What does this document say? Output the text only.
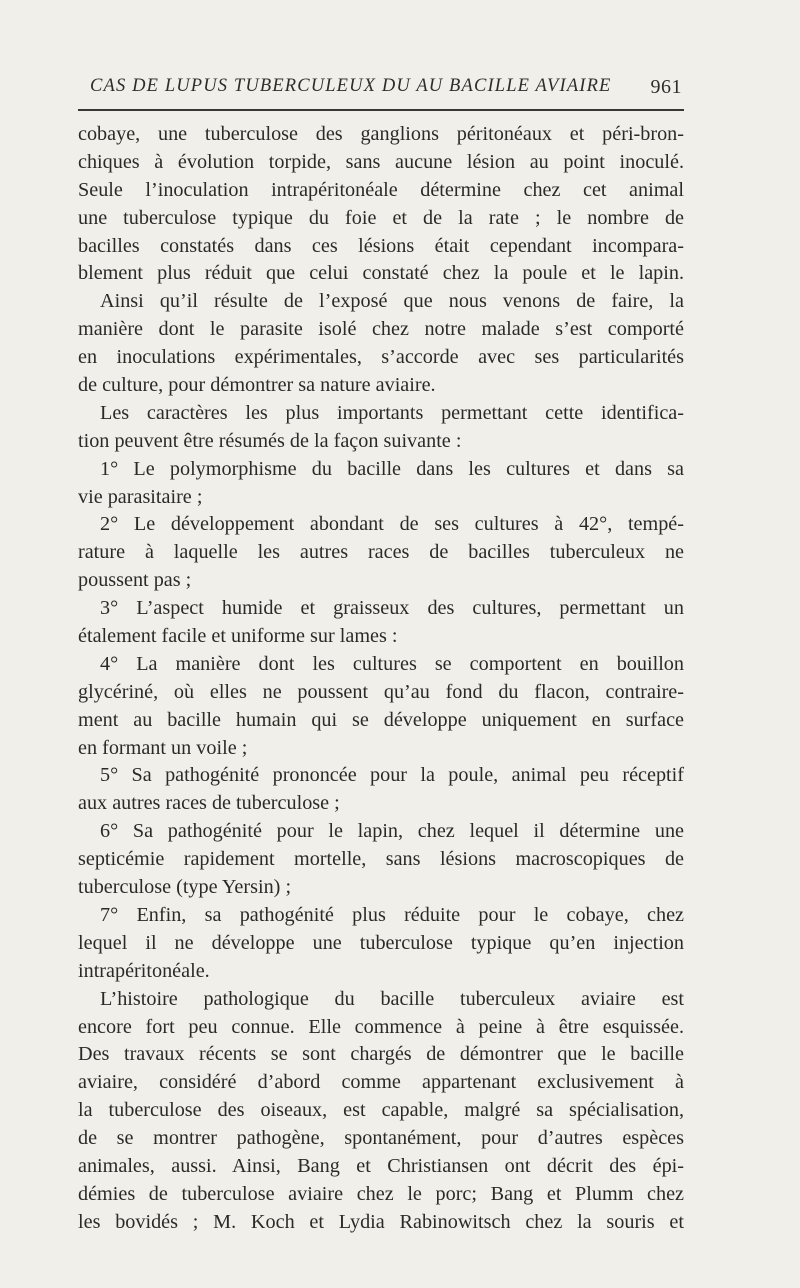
CAS DE LUPUS TUBERCULEUX DU AU BACILLE AVIAIRE 961
cobaye, une tuberculose des ganglions péritonéaux et péri-bron-
chiques à évolution torpide, sans aucune lésion au point inoculé.
Seule l’inoculation intrapéritonéale détermine chez cet animal
une tuberculose typique du foie et de la rate ; le nombre de
bacilles constatés dans ces lésions était cependant incompara-
blement plus réduit que celui constaté chez la poule et le lapin.
Ainsi qu’il résulte de l’exposé que nous venons de faire, la
manière dont le parasite isolé chez notre malade s’est comporté
en inoculations expérimentales, s’accorde avec ses particularités
de culture, pour démontrer sa nature aviaire.
Les caractères les plus importants permettant cette identifica-
tion peuvent être résumés de la façon suivante :
1° Le polymorphisme du bacille dans les cultures et dans sa
vie parasitaire ;
2° Le développement abondant de ses cultures à 42°, tempé-
rature à laquelle les autres races de bacilles tuberculeux ne
poussent pas ;
3° L’aspect humide et graisseux des cultures, permettant un
étalement facile et uniforme sur lames :
4° La manière dont les cultures se comportent en bouillon
glycériné, où elles ne poussent qu’au fond du flacon, contraire-
ment au bacille humain qui se développe uniquement en surface
en formant un voile ;
5° Sa pathogénité prononcée pour la poule, animal peu réceptif
aux autres races de tuberculose ;
6° Sa pathogénité pour le lapin, chez lequel il détermine une
septicémie rapidement mortelle, sans lésions macroscopiques de
tuberculose (type Yersin) ;
7° Enfin, sa pathogénité plus réduite pour le cobaye, chez
lequel il ne développe une tuberculose typique qu’en injection
intrapéritonéale.
L’histoire pathologique du bacille tuberculeux aviaire est
encore fort peu connue. Elle commence à peine à être esquissée.
Des travaux récents se sont chargés de démontrer que le bacille
aviaire, considéré d’abord comme appartenant exclusivement à
la tuberculose des oiseaux, est capable, malgré sa spécialisation,
de se montrer pathogène, spontanément, pour d’autres espèces
animales, aussi. Ainsi, Bang et Christiansen ont décrit des épi-
démies de tuberculose aviaire chez le porc; Bang et Plumm chez
les bovidés ; M. Koch et Lydia Rabinowitsch chez la souris et
